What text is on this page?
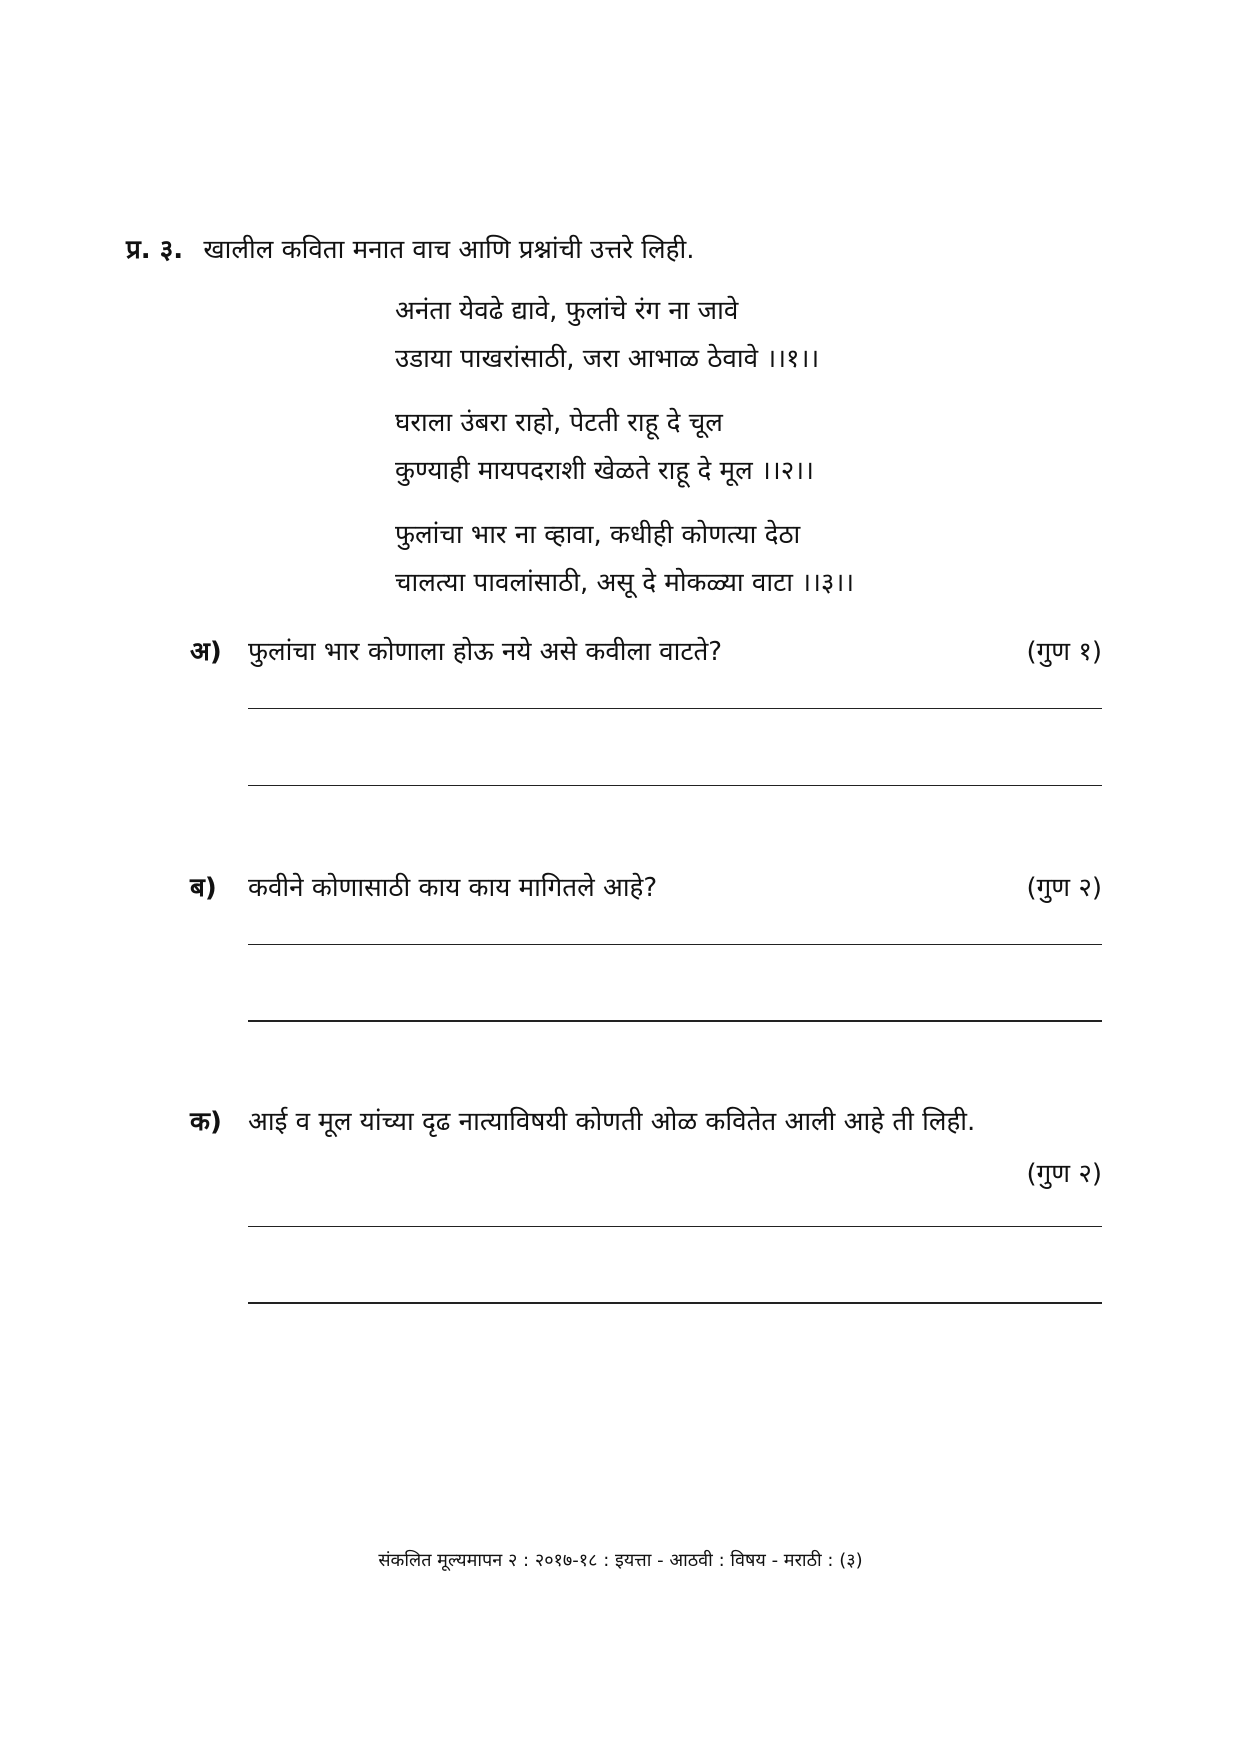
प्र. ३. खालील कविता मनात वाच आणि प्रश्नांची उत्तरे लिही.
अनंता येवढे द्यावे, फुलांचे रंग ना जावे
उडाया पाखरांसाठी, जरा आभाळ ठेवावे ।।१।।
घराला उंबरा राहो, पेटती राहू दे चूल
कुण्याही मायपदराशी खेळते राहू दे मूल ।।२।।
फुलांचा भार ना व्हावा, कधीही कोणत्या देठा
चालत्या पावलांसाठी, असू दे मोकळ्या वाटा ।।३।।
अ) फुलांचा भार कोणाला होऊ नये असे कवीला वाटते?	(गुण १)
ब) कवीने कोणासाठी काय काय मागितले आहे?	(गुण २)
क) आई व मूल यांच्या दृढ नात्याविषयी कोणती ओळ कवितेत आली आहे ती लिही.
(गुण २)
संकलित मूल्यमापन २ : २०१७-१८ : इयत्ता - आठवी : विषय - मराठी : (३)
